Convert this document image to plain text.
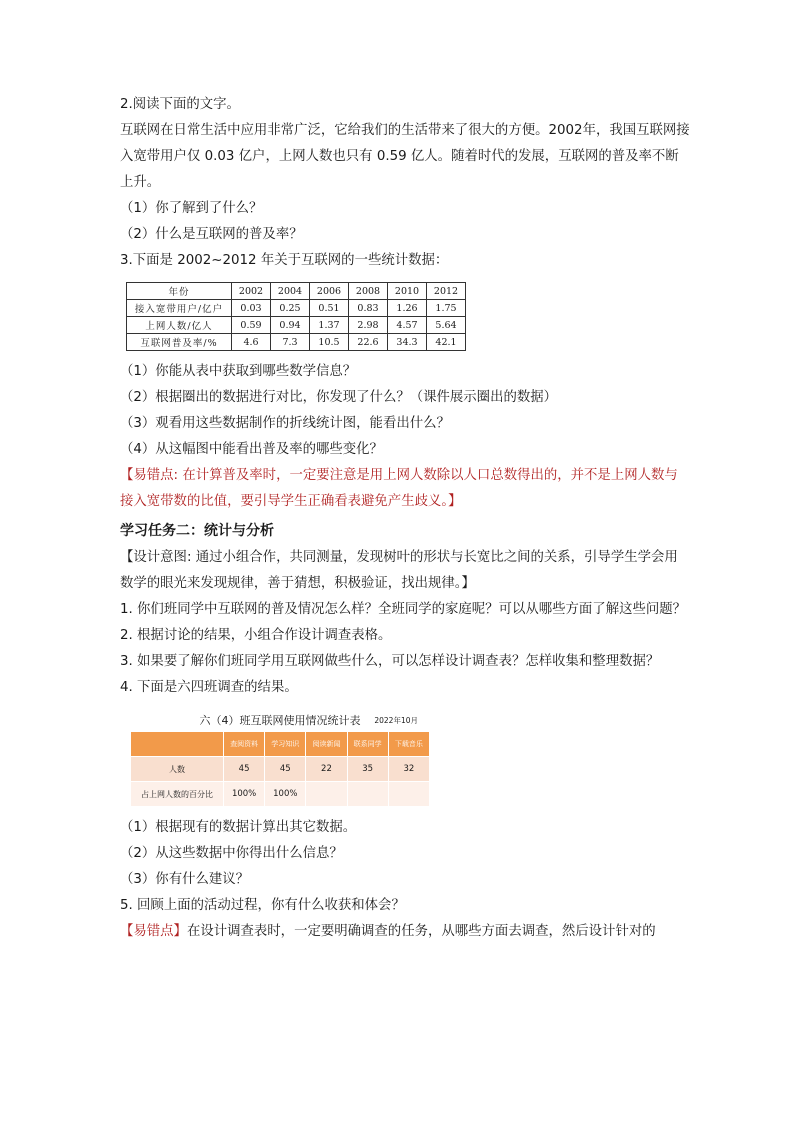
2.阅读下面的文字。

互联网在日常生活中应用非常广泛，它给我们的生活带来了很大的方便。2002年，我国互联网接入宽带用户仅 0.03 亿户，上网人数也只有 0.59 亿人。随着时代的发展，互联网的普及率不断上升。

（1）你了解到了什么？
（2）什么是互联网的普及率？
3.下面是 2002~2012 年关于互联网的一些统计数据：
年份	2002	2004	2006	2008	2010	2012
接入宽带用户/亿户	0.03	0.25	0.51	0.83	1.26	1.75
上网人数/亿人	0.59	0.94	1.37	2.98	4.57	5.64
互联网普及率/%	4.6	7.3	10.5	22.6	34.3	42.1
（1）你能从表中获取到哪些数学信息？
（2）根据圈出的数据进行对比，你发现了什么？（课件展示圈出的数据）
（3）观看用这些数据制作的折线统计图，能看出什么？
（4）从这幅图中能看出普及率的哪些变化？

【易错点: 在计算普及率时，一定要注意是用上网人数除以人口总数得出的，并不是上网人数与接入宽带数的比值，要引导学生正确看表避免产生歧义。】

学习任务二：统计与分析

【设计意图: 通过小组合作，共同测量，发现树叶的形状与长宽比之间的关系，引导学生学会用数学的眼光来发现规律，善于猜想，积极验证，找出规律。】

1. 你们班同学中互联网的普及情况怎么样？全班同学的家庭呢？可以从哪些方面了解这些问题？

2. 根据讨论的结果，小组合作设计调查表格。
3. 如果要了解你们班同学用互联网做些什么，可以怎样设计调查表？怎样收集和整理数据？
4. 下面是六四班调查的结果。
六（4）班互联网使用情况统计表 2022年10月
	查阅资料	学习知识	阅读新闻	联系同学	下载音乐
人数	45	45	22	35	32
占上网人数的百分比	100%	100%			
（1）根据现有的数据计算出其它数据。
（2）从这些数据中你得出什么信息？
（3）你有什么建议？
5. 回顾上面的活动过程，你有什么收获和体会？
【易错点】在设计调查表时，一定要明确调查的任务，从哪些方面去调查，然后设计针对的
